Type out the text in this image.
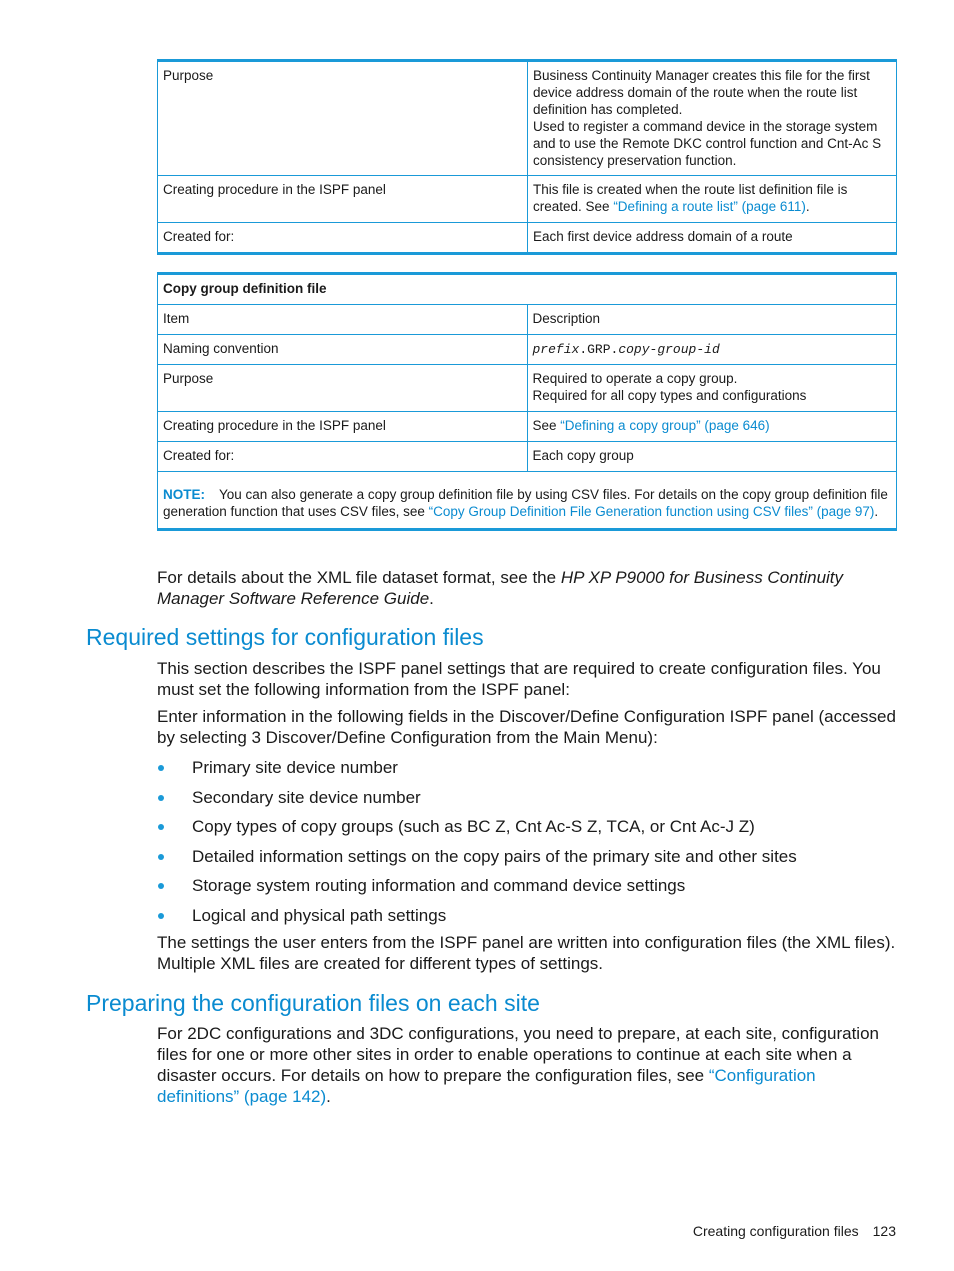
Purpose	Business Continuity Manager creates this file for the first device address domain of the route when the route list definition has completed.
Used to register a command device in the storage system and to use the Remote DKC control function and Cnt-Ac S consistency preservation function.

Creating procedure in the ISPF panel	This file is created when the route list definition file is created. See “Defining a route list” (page 611).
Created for:	Each first device address domain of a route
Copy group definition file	
Item	Description
Naming convention	prefix.GRP.copy-group-id
Purpose	Required to operate a copy group.
Required for all copy types and configurations

Creating procedure in the ISPF panel	See “Defining a copy group” (page 646)
Created for:	Each copy group
NOTE: You can also generate a copy group definition file by using CSV files. For details on the copy group definition file generation function that uses CSV files, see “Copy Group Definition File Generation function using CSV files” (page 97).	

For details about the XML file dataset format, see the HP XP P9000 for Business Continuity Manager Software Reference Guide.

Required settings for configuration files

This section describes the ISPF panel settings that are required to create configuration files. You must set the following information from the ISPF panel:

Enter information in the following fields in the Discover/Define Configuration ISPF panel (accessed by selecting 3 Discover/Define Configuration from the Main Menu):

Primary site device number
Secondary site device number
Copy types of copy groups (such as BC Z, Cnt Ac-S Z, TCA, or Cnt Ac-J Z)
Detailed information settings on the copy pairs of the primary site and other sites
Storage system routing information and command device settings
Logical and physical path settings

The settings the user enters from the ISPF panel are written into configuration files (the XML files). Multiple XML files are created for different types of settings.

Preparing the configuration files on each site

For 2DC configurations and 3DC configurations, you need to prepare, at each site, configuration files for one or more other sites in order to enable operations to continue at each site when a disaster occurs. For details on how to prepare the configuration files, see “Configuration definitions” (page 142).

Creating configuration files 123
